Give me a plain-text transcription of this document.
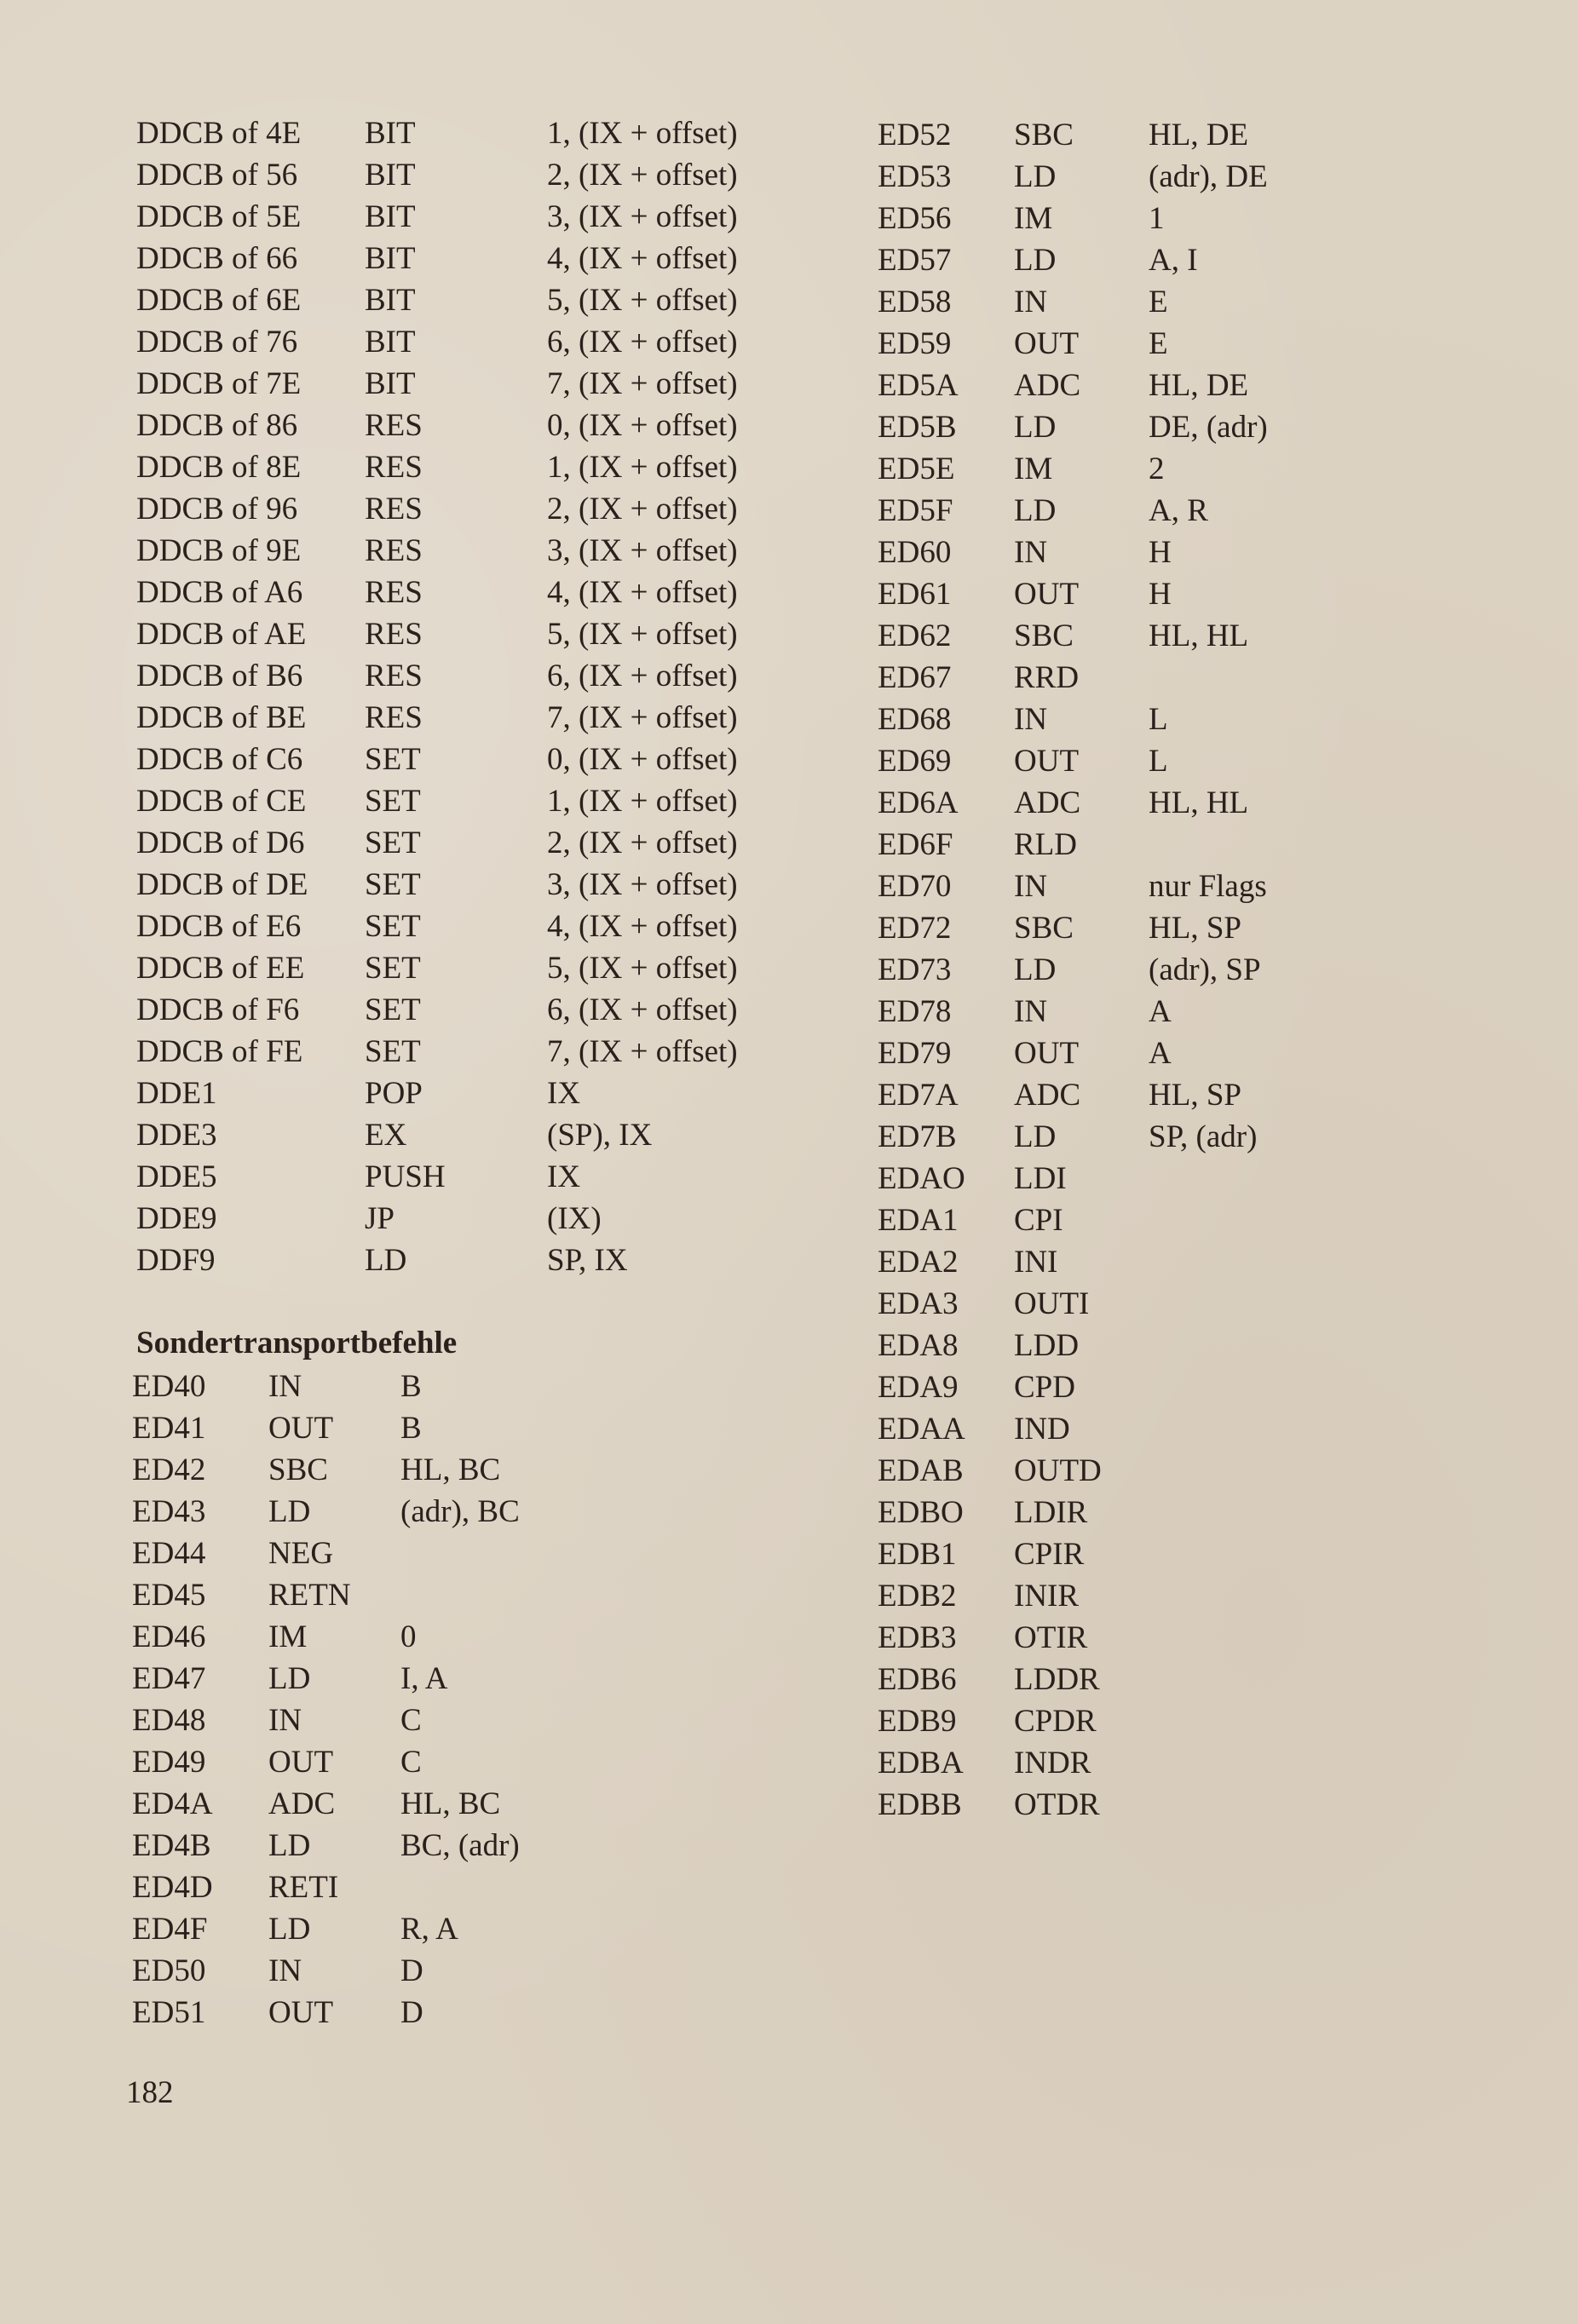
DDCB of 4E BIT	1, (IX + offset)
DDCB of 56 BIT	2, (IX + offset)
DDCB of 5E BIT	3, (IX + offset)
DDCB of 66 BIT	4, (IX + offset)
DDCB of 6E BIT	5, (IX + offset)
DDCB of 76 BIT	6, (IX + offset)
DDCB of 7E BIT	7, (IX + offset)
DDCB of 86 RES	0, (IX + offset)
DDCB of 8E RES	1, (IX + offset)
DDCB of 96 RES	2, (IX + offset)
DDCB of 9E RES	3, (IX + offset)
DDCB of A6 RES	4, (IX + offset)
DDCB of AE RES	5, (IX + offset)
DDCB of B6 RES	6, (IX + offset)
DDCB of BE RES	7, (IX + offset)
DDCB of C6 SET	0, (IX + offset)
DDCB of CE SET	1, (IX + offset)
DDCB of D6 SET	2, (IX + offset)
DDCB of DE SET	3, (IX + offset)
DDCB of E6 SET	4, (IX + offset)
DDCB of EE SET	5, (IX + offset)
DDCB of F6 SET	6, (IX + offset)
DDCB of FE SET	7, (IX + offset)
DDE1	POP	IX
DDE3	EX	(SP), IX
DDE5	PUSH	IX
DDE9	JP	(IX)
DDF9	LD	SP, IX
Sondertransportbefehle
ED40 IN	B
ED41 OUT B
ED42 SBC HL, BC
ED43 LD	(adr), BC
ED44 NEG
ED45 RETN
ED46 IM	0
ED47 LD	I, A
ED48 IN	C
ED49 OUT C
ED4A ADC HL, BC
ED4B LD	BC, (adr)
ED4D RETI
ED4F LD	R, A
ED50 IN	D
ED51 OUT D
ED52 SBC HL, DE
ED53 LD	(adr), DE
ED56 IM	1
ED57 LD	A, I
ED58 IN	E
ED59 OUT E
ED5A ADC HL, DE
ED5B LD	DE, (adr)
ED5E IM	2
ED5F LD	A, R
ED60 IN	H
ED61 OUT H
ED62 SBC HL, HL
ED67 RRD
ED68 IN	L
ED69 OUT L
ED6A ADC HL, HL
ED6F RLD
ED70 IN	nur Flags
ED72 SBC HL, SP
ED73 LD	(adr), SP
ED78 IN	A
ED79 OUT A
ED7A ADC HL, SP
ED7B LD	SP, (adr)
EDAO LDI
EDA1 CPI
EDA2 INI
EDA3 OUTI
EDA8 LDD
EDA9 CPD
EDAA IND
EDAB OUTD
EDBO LDIR
EDB1 CPIR
EDB2 INIR
EDB3 OTIR
EDB6 LDDR
EDB9 CPDR
EDBA INDR
EDBB OTDR
182
